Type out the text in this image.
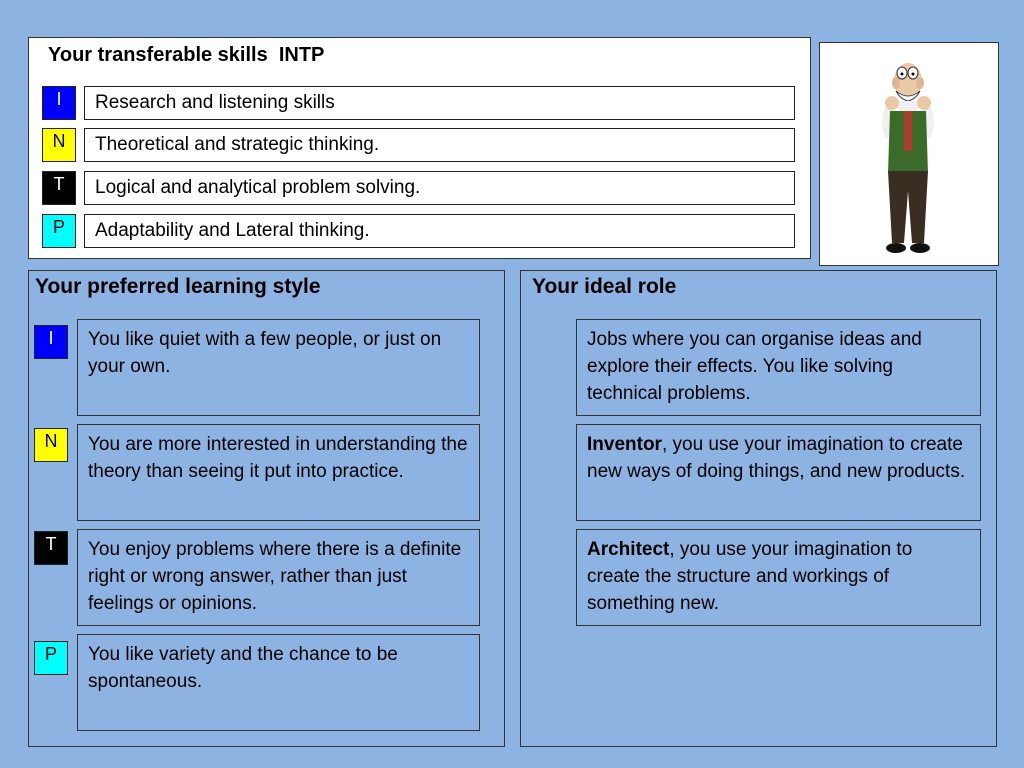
Your transferable skills  INTP
I	Research and listening skills
N	Theoretical and strategic thinking.
T	Logical and analytical problem solving.
P	Adaptability and Lateral thinking.
Your preferred learning style
I	You like quiet with a few people, or just on your own.
N	You are more interested in understanding the theory than seeing it put into practice.
T	You enjoy problems where there is a definite right or wrong answer, rather than just feelings or opinions.
P	You like variety and the chance to be spontaneous.
Your ideal role
Jobs where you can organise ideas and explore their effects. You like solving technical problems.
Inventor, you use your imagination to create new ways of doing things, and new products.
Architect, you use your imagination to create the structure and workings of something new.
